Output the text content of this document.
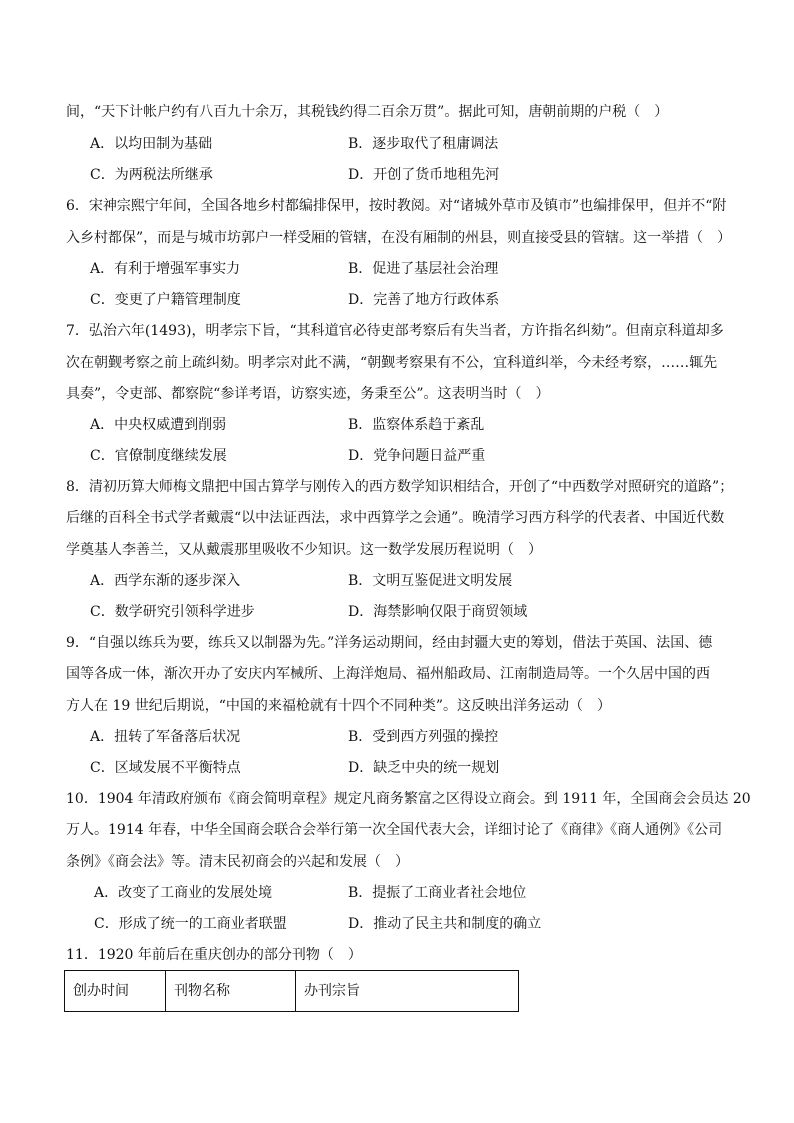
间，“天下计帐户约有八百九十余万，其税钱约得二百余万贯”。据此可知，唐朝前期的户税（　）
A．以均田制为基础	B．逐步取代了租庸调法
C．为两税法所继承	D．开创了货币地租先河
6．宋神宗熙宁年间，全国各地乡村都编排保甲，按时教阅。对“诸城外草市及镇市”也编排保甲，但并不“附
入乡村都保”，而是与城市坊郭户一样受厢的管辖，在没有厢制的州县，则直接受县的管辖。这一举措（　）
A．有利于增强军事实力	B．促进了基层社会治理
C．变更了户籍管理制度	D．完善了地方行政体系
7．弘治六年(1493)，明孝宗下旨，“其科道官必待吏部考察后有失当者，方许指名纠劾”。但南京科道却多
次在朝觐考察之前上疏纠劾。明孝宗对此不满，“朝觐考察果有不公，宜科道纠举，今未经考察，……辄先
具奏”，令吏部、都察院“参详考语，访察实迹，务秉至公”。这表明当时（　）
A．中央权威遭到削弱	B．监察体系趋于紊乱
C．官僚制度继续发展	D．党争问题日益严重
8．清初历算大师梅文鼎把中国古算学与刚传入的西方数学知识相结合，开创了“中西数学对照研究的道路”；
后继的百科全书式学者戴震“以中法证西法，求中西算学之会通”。晚清学习西方科学的代表者、中国近代数
学奠基人李善兰，又从戴震那里吸收不少知识。这一数学发展历程说明（　）
A．西学东渐的逐步深入	B．文明互鉴促进文明发展
C．数学研究引领科学进步	D．海禁影响仅限于商贸领域
9．“自强以练兵为要，练兵又以制器为先。”洋务运动期间，经由封疆大吏的筹划，借法于英国、法国、德
国等各成一体，渐次开办了安庆内军械所、上海洋炮局、福州船政局、江南制造局等。一个久居中国的西
方人在 19 世纪后期说，“中国的来福枪就有十四个不同种类”。这反映出洋务运动（　）
A．扭转了军备落后状况	B．受到西方列强的操控
C．区域发展不平衡特点	D．缺乏中央的统一规划
10．1904 年清政府颁布《商会简明章程》规定凡商务繁富之区得设立商会。到 1911 年，全国商会会员达 20
万人。1914 年春，中华全国商会联合会举行第一次全国代表大会，详细讨论了《商律》《商人通例》《公司
条例》《商会法》等。清末民初商会的兴起和发展（　）
A．改变了工商业的发展处境	B．提振了工商业者社会地位
C．形成了统一的工商业者联盟	D．推动了民主共和制度的确立
11．1920 年前后在重庆创办的部分刊物（　）
创办时间	刊物名称	办刊宗旨
